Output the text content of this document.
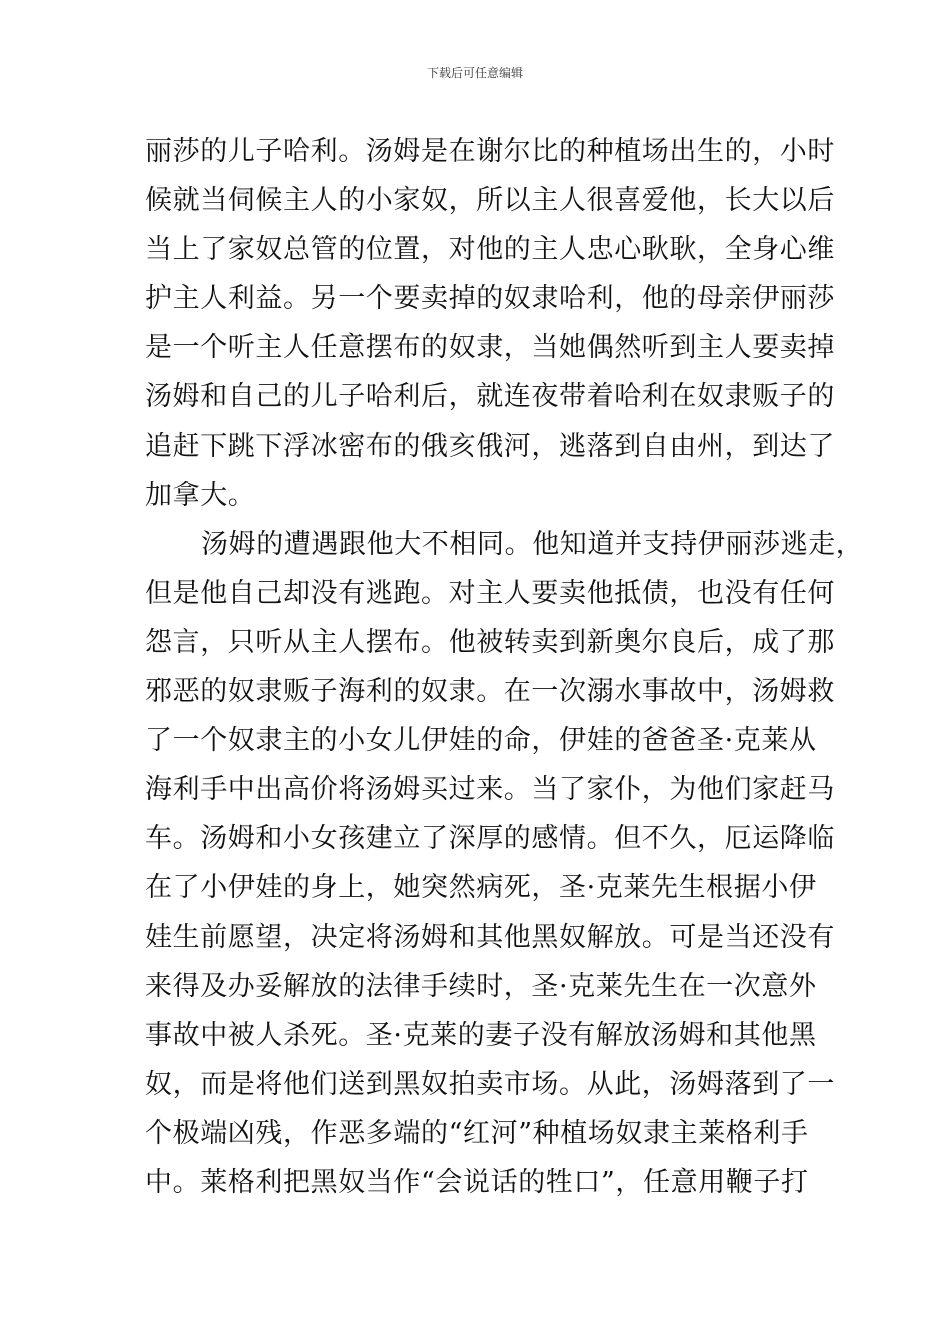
下载后可任意编辑
丽莎的儿子哈利。汤姆是在谢尔比的种植场出生的，小时
候就当伺候主人的小家奴，所以主人很喜爱他，长大以后
当上了家奴总管的位置，对他的主人忠心耿耿，全身心维
护主人利益。另一个要卖掉的奴隶哈利，他的母亲伊丽莎
是一个听主人任意摆布的奴隶，当她偶然听到主人要卖掉
汤姆和自己的儿子哈利后，就连夜带着哈利在奴隶贩子的
追赶下跳下浮冰密布的俄亥俄河，逃落到自由州，到达了
加拿大。
汤姆的遭遇跟他大不相同。他知道并支持伊丽莎逃走，
但是他自己却没有逃跑。对主人要卖他抵债，也没有任何
怨言，只听从主人摆布。他被转卖到新奥尔良后，成了那
邪恶的奴隶贩子海利的奴隶。在一次溺水事故中，汤姆救
了一个奴隶主的小女儿伊娃的命，伊娃的爸爸圣·克莱从
海利手中出高价将汤姆买过来。当了家仆，为他们家赶马
车。汤姆和小女孩建立了深厚的感情。但不久，厄运降临
在了小伊娃的身上，她突然病死，圣·克莱先生根据小伊
娃生前愿望，决定将汤姆和其他黑奴解放。可是当还没有
来得及办妥解放的法律手续时，圣·克莱先生在一次意外
事故中被人杀死。圣·克莱的妻子没有解放汤姆和其他黑
奴，而是将他们送到黑奴拍卖市场。从此，汤姆落到了一
个极端凶残，作恶多端的“红河”种植场奴隶主莱格利手
中。莱格利把黑奴当作“会说话的牲口”，任意用鞭子打
